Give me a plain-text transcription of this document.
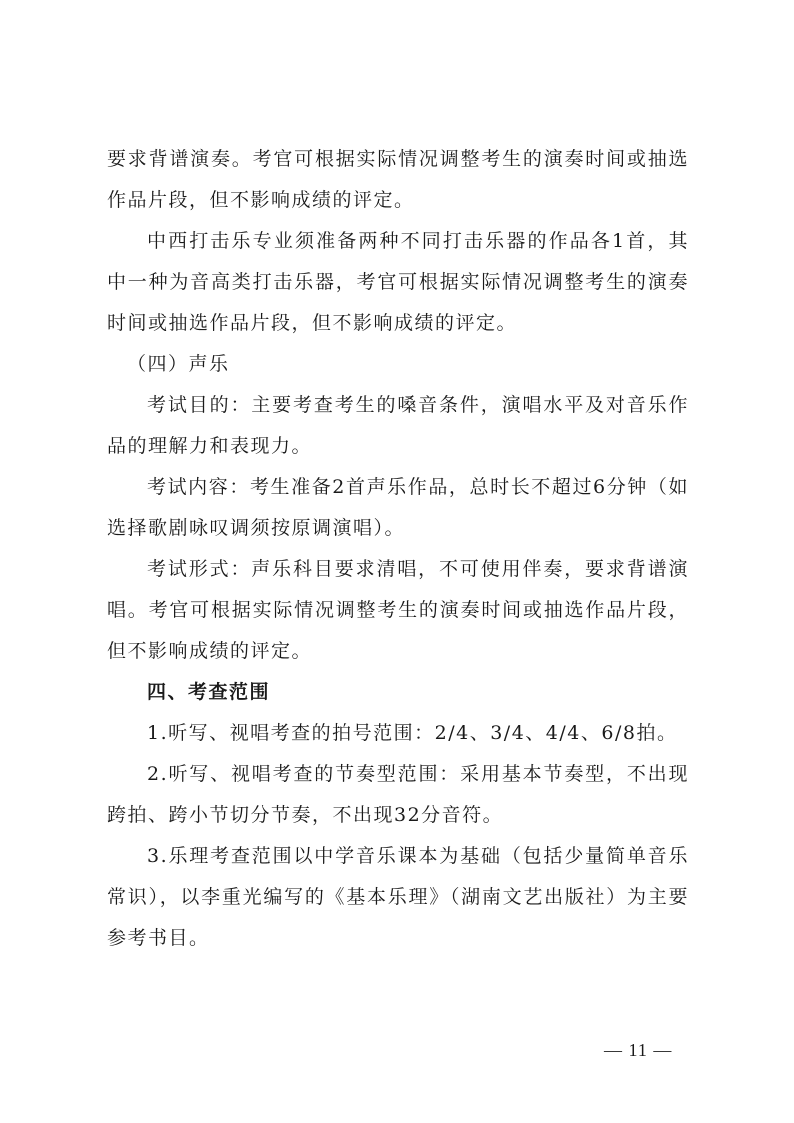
要求背谱演奏。考官可根据实际情况调整考生的演奏时间或抽选作品片段，但不影响成绩的评定。

中西打击乐专业须准备两种不同打击乐器的作品各1首，其中一种为音高类打击乐器，考官可根据实际情况调整考生的演奏时间或抽选作品片段，但不影响成绩的评定。

（四）声乐

考试目的：主要考查考生的嗓音条件，演唱水平及对音乐作品的理解力和表现力。

考试内容：考生准备2首声乐作品，总时长不超过6分钟（如选择歌剧咏叹调须按原调演唱）。

考试形式：声乐科目要求清唱，不可使用伴奏，要求背谱演唱。考官可根据实际情况调整考生的演奏时间或抽选作品片段，但不影响成绩的评定。

四、考查范围

1.听写、视唱考查的拍号范围：2/4、3/4、4/4、6/8拍。

2.听写、视唱考查的节奏型范围：采用基本节奏型，不出现跨拍、跨小节切分节奏，不出现32分音符。

3.乐理考查范围以中学音乐课本为基础（包括少量简单音乐常识），以李重光编写的《基本乐理》（湖南文艺出版社）为主要参考书目。

— 11 —
